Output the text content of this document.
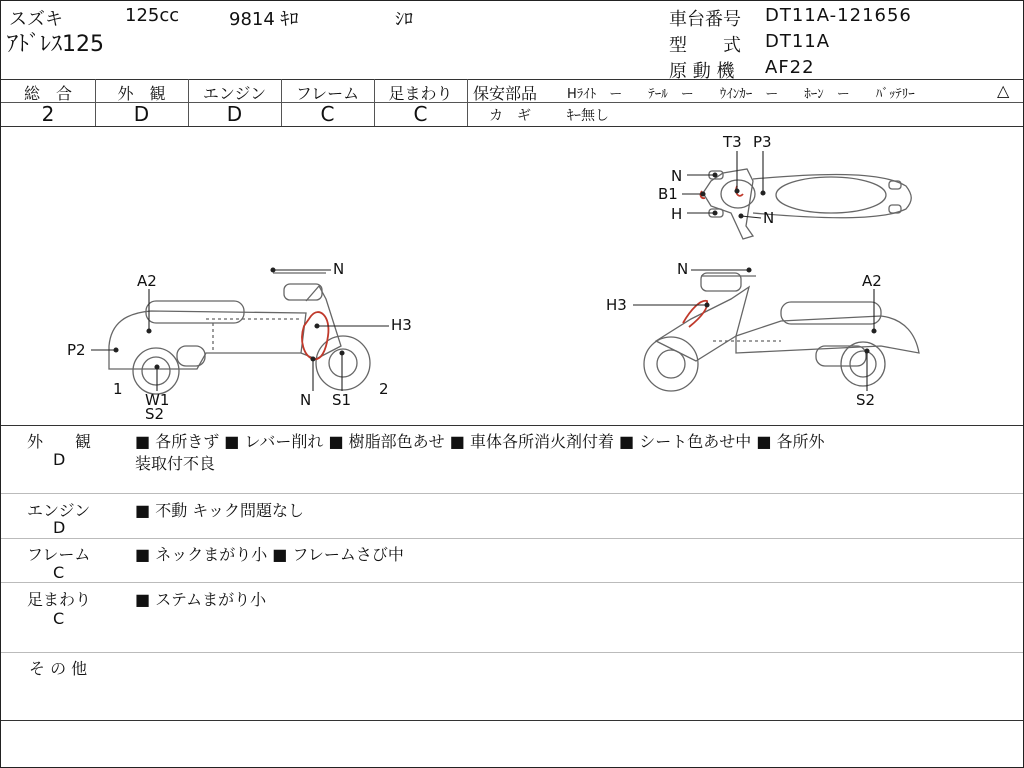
スズキ	125cc	9814 ｷﾛ	ｼﾛ
ｱﾄﾞﾚｽ125
車台番号 DT11A-121656
型　　式 DT11A
原 動 機 AF22
総　合
2
外　観
D
エンジン
D
フレーム
C
足まわり
C
保安部品 Hﾗｲﾄ　ー　　ﾃｰﾙ　ー　　ｳｲﾝｶｰ　ー　　ﾎｰﾝ　ー　　ﾊﾞｯﾃﾘｰ	△
カ　ギ	ｷｰ無し
T3 P3
N
B1
H	N
N
A2
H3
P2
1
W1
S2
N S1
2
N
A2
H3
S2
外　　観
D
■ 各所きず ■ レバー削れ ■ 樹脂部色あせ ■ 車体各所消火剤付着 ■ シート色あせ中 ■ 各所外
装取付不良
エンジン
D
■ 不動 キック問題なし
フレーム
C
■ ネックまがり小 ■ フレームさび中
足まわり
C
■ ステムまがり小
そ の 他
